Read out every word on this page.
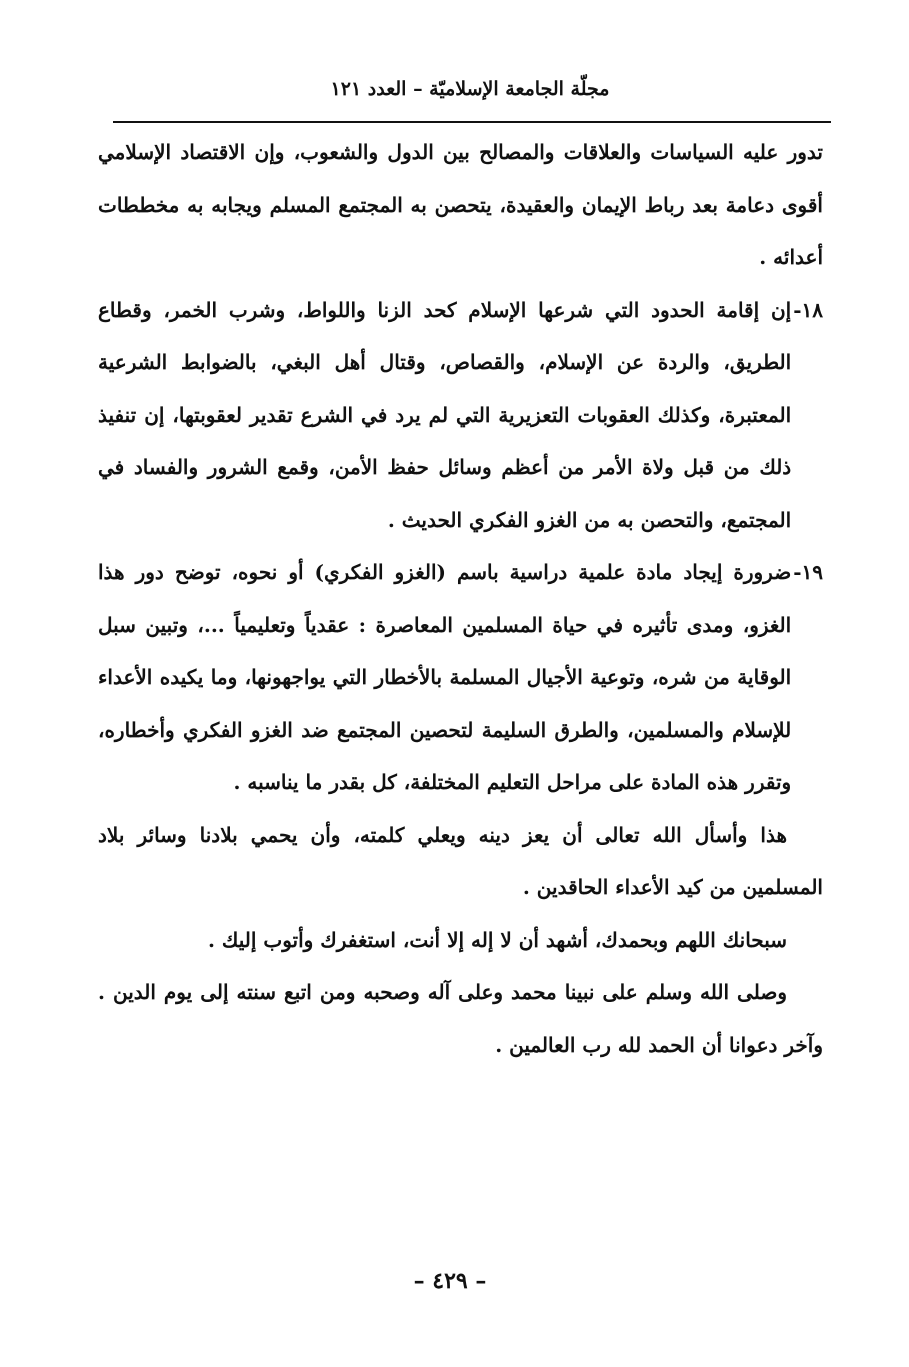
مجلّة الجامعة الإسلاميّة – العدد ١٢١

تدور عليه السياسات والعلاقات والمصالح بين الدول والشعوب، وإن الاقتصاد الإسلامي أقوى دعامة بعد رباط الإيمان والعقيدة، يتحصن به المجتمع المسلم ويجابه به مخططات أعدائه .

١٨-
إن إقامة الحدود التي شرعها الإسلام كحد الزنا واللواط، وشرب الخمر، وقطاع الطريق، والردة عن الإسلام، والقصاص، وقتال أهل البغي، بالضوابط الشرعية المعتبرة، وكذلك العقوبات التعزيرية التي لم يرد في الشرع تقدير لعقوبتها، إن تنفيذ ذلك من قبل ولاة الأمر من أعظم وسائل حفظ الأمن، وقمع الشرور والفساد في المجتمع، والتحصن به من الغزو الفكري الحديث .
١٩-
ضرورة إيجاد مادة علمية دراسية باسم (الغزو الفكري) أو نحوه، توضح دور هذا الغزو، ومدى تأثيره في حياة المسلمين المعاصرة : عقدياً وتعليمياً ...، وتبين سبل الوقاية من شره، وتوعية الأجيال المسلمة بالأخطار التي يواجهونها، وما يكيده الأعداء للإسلام والمسلمين، والطرق السليمة لتحصين المجتمع ضد الغزو الفكري وأخطاره، وتقرر هذه المادة على مراحل التعليم المختلفة، كل بقدر ما يناسبه .

هذا وأسأل الله تعالى أن يعز دينه ويعلي كلمته، وأن يحمي بلادنا وسائر بلاد المسلمين من كيد الأعداء الحاقدين .

سبحانك اللهم وبحمدك، أشهد أن لا إله إلا أنت، استغفرك وأتوب إليك .

وصلى الله وسلم على نبينا محمد وعلى آله وصحبه ومن اتبع سنته إلى يوم الدين . وآخر دعوانا أن الحمد لله رب العالمين .

– ٤٢٩ –
